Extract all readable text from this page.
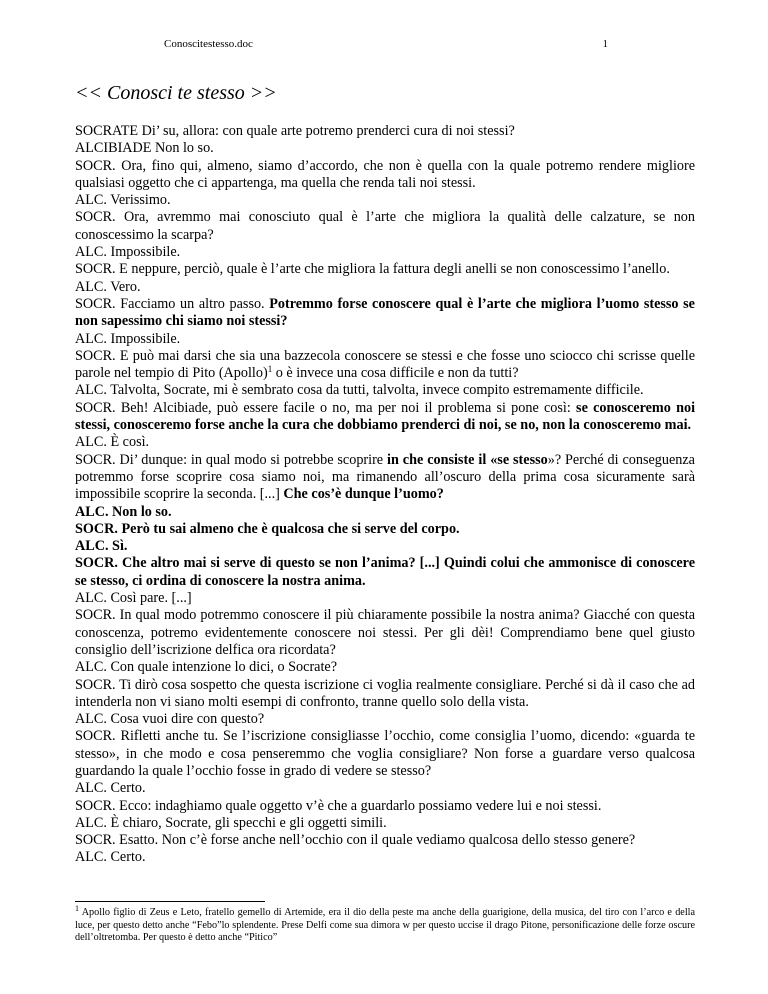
Conoscitestesso.doc	1
<< Conosci te stesso >>

SOCRATE Di’ su, allora: con quale arte potremo prenderci cura di noi stessi?

ALCIBIADE Non lo so.

SOCR. Ora, fino qui, almeno, siamo d’accordo, che non è quella con la quale potremo rendere migliore qualsiasi oggetto che ci appartenga, ma quella che renda tali noi stessi.

ALC. Verissimo.

SOCR. Ora, avremmo mai conosciuto qual è l’arte che migliora la qualità delle calzature, se non conoscessimo la scarpa?

ALC. Impossibile.

SOCR. E neppure, perciò, quale è l’arte che migliora la fattura degli anelli se non conoscessimo l’anello.

ALC. Vero.

SOCR. Facciamo un altro passo. Potremmo forse conoscere qual è l’arte che migliora l’uomo stesso se non sapessimo chi siamo noi stessi?

ALC. Impossibile.

SOCR. E può mai darsi che sia una bazzecola conoscere se stessi e che fosse uno sciocco chi scrisse quelle parole nel tempio di Pito (Apollo)$^1$ o è invece una cosa difficile e non da tutti?

ALC. Talvolta, Socrate, mi è sembrato cosa da tutti, talvolta, invece compito estremamente difficile.

SOCR. Beh! Alcibiade, può essere facile o no, ma per noi il problema si pone così: se conosceremo noi stessi, conosceremo forse anche la cura che dobbiamo prenderci di noi, se no, non la conosceremo mai.

ALC. È così.

SOCR. Di’ dunque: in qual modo si potrebbe scoprire in che consiste il «se stesso»? Perché di conseguenza potremmo forse scoprire cosa siamo noi, ma rimanendo all’oscuro della prima cosa sicuramente sarà impossibile scoprire la seconda. [...] Che cos’è dunque l’uomo?

ALC. Non lo so.

SOCR. Però tu sai almeno che è qualcosa che si serve del corpo.

ALC. Sì.

SOCR. Che altro mai si serve di questo se non l’anima? [...] Quindi colui che ammonisce di conoscere se stesso, ci ordina di conoscere la nostra anima.

ALC. Così pare. [...]

SOCR. In qual modo potremmo conoscere il più chiaramente possibile la nostra anima? Giacché con questa conoscenza, potremo evidentemente conoscere noi stessi. Per gli dèi! Comprendiamo bene quel giusto consiglio dell’iscrizione delfica ora ricordata?

ALC. Con quale intenzione lo dici, o Socrate?

SOCR. Ti dirò cosa sospetto che questa iscrizione ci voglia realmente consigliare. Perché si dà il caso che ad intenderla non vi siano molti esempi di confronto, tranne quello solo della vista.

ALC. Cosa vuoi dire con questo?

SOCR. Rifletti anche tu. Se l’iscrizione consigliasse l’occhio, come consiglia l’uomo, dicendo: «guarda te stesso», in che modo e cosa penseremmo che voglia consigliare? Non forse a guardare verso qualcosa guardando la quale l’occhio fosse in grado di vedere se stesso?

ALC. Certo.

SOCR. Ecco: indaghiamo quale oggetto v’è che a guardarlo possiamo vedere lui e noi stessi.

ALC. È chiaro, Socrate, gli specchi e gli oggetti simili.

SOCR. Esatto. Non c’è forse anche nell’occhio con il quale vediamo qualcosa dello stesso genere?

ALC. Certo.

$^1$ Apollo figlio di Zeus e Leto, fratello gemello di Artemide, era il dio della peste ma anche della guarigione, della musica, del tiro con l’arco e della luce, per questo detto anche “Febo”lo splendente. Prese Delfi come sua dimora w per questo uccise il drago Pitone, personificazione delle forze oscure dell’oltretomba. Per questo è detto anche “Pitico”
